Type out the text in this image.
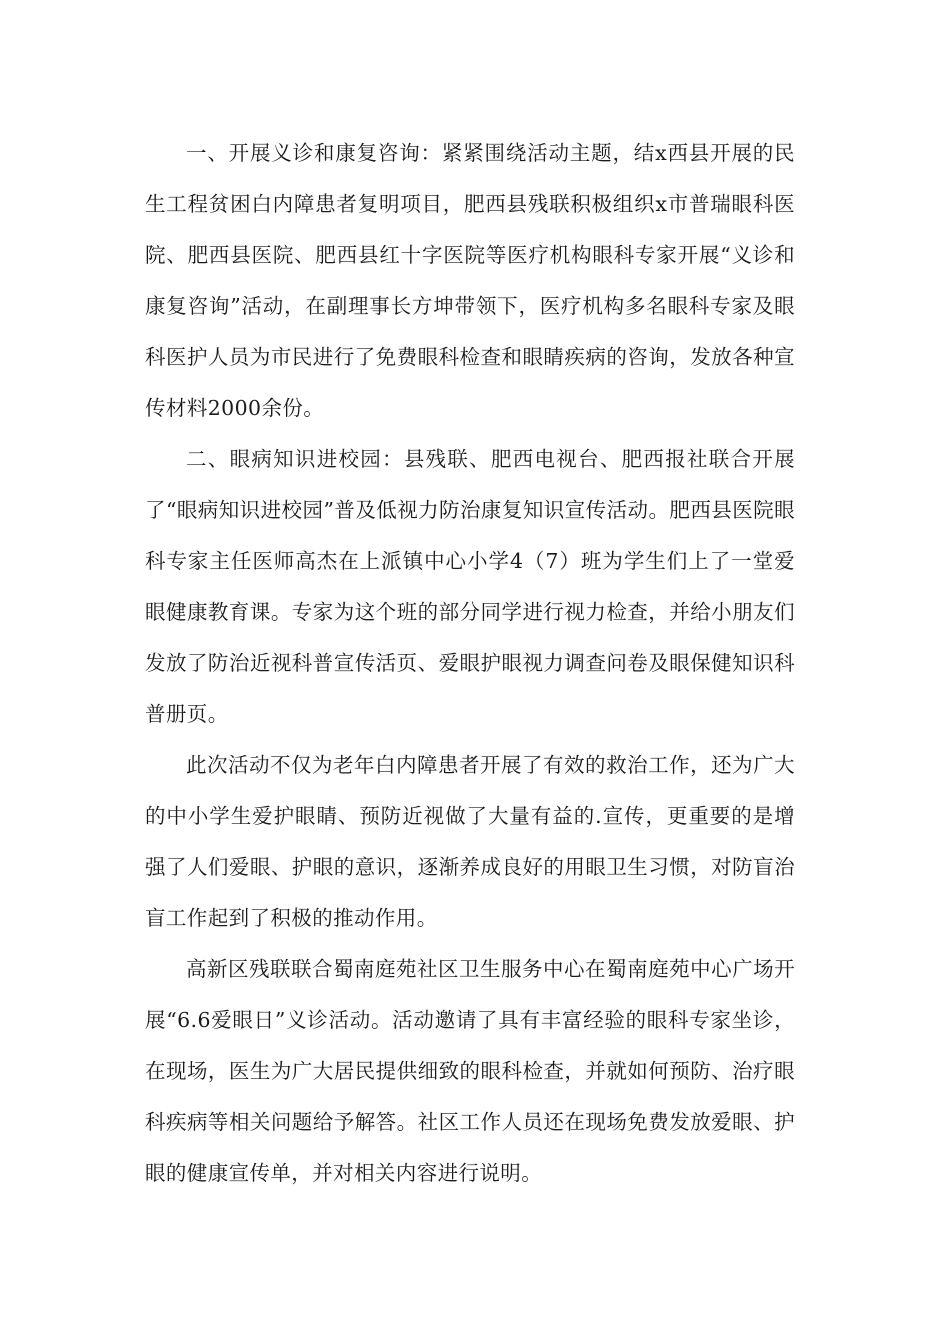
一、开展义诊和康复咨询：紧紧围绕活动主题，结x西县开展的民生工程贫困白内障患者复明项目，肥西县残联积极组织x市普瑞眼科医院、肥西县医院、肥西县红十字医院等医疗机构眼科专家开展“义诊和康复咨询”活动，在副理事长方坤带领下，医疗机构多名眼科专家及眼科医护人员为市民进行了免费眼科检查和眼睛疾病的咨询，发放各种宣传材料2000余份。

二、眼病知识进校园：县残联、肥西电视台、肥西报社联合开展了“眼病知识进校园”普及低视力防治康复知识宣传活动。肥西县医院眼科专家主任医师高杰在上派镇中心小学4（7）班为学生们上了一堂爱眼健康教育课。专家为这个班的部分同学进行视力检查，并给小朋友们发放了防治近视科普宣传活页、爱眼护眼视力调查问卷及眼保健知识科普册页。

此次活动不仅为老年白内障患者开展了有效的救治工作，还为广大的中小学生爱护眼睛、预防近视做了大量有益的.宣传，更重要的是增强了人们爱眼、护眼的意识，逐渐养成良好的用眼卫生习惯，对防盲治盲工作起到了积极的推动作用。

高新区残联联合蜀南庭苑社区卫生服务中心在蜀南庭苑中心广场开展“6.6爱眼日”义诊活动。活动邀请了具有丰富经验的眼科专家坐诊，在现场，医生为广大居民提供细致的眼科检查，并就如何预防、治疗眼科疾病等相关问题给予解答。社区工作人员还在现场免费发放爱眼、护眼的健康宣传单，并对相关内容进行说明。
